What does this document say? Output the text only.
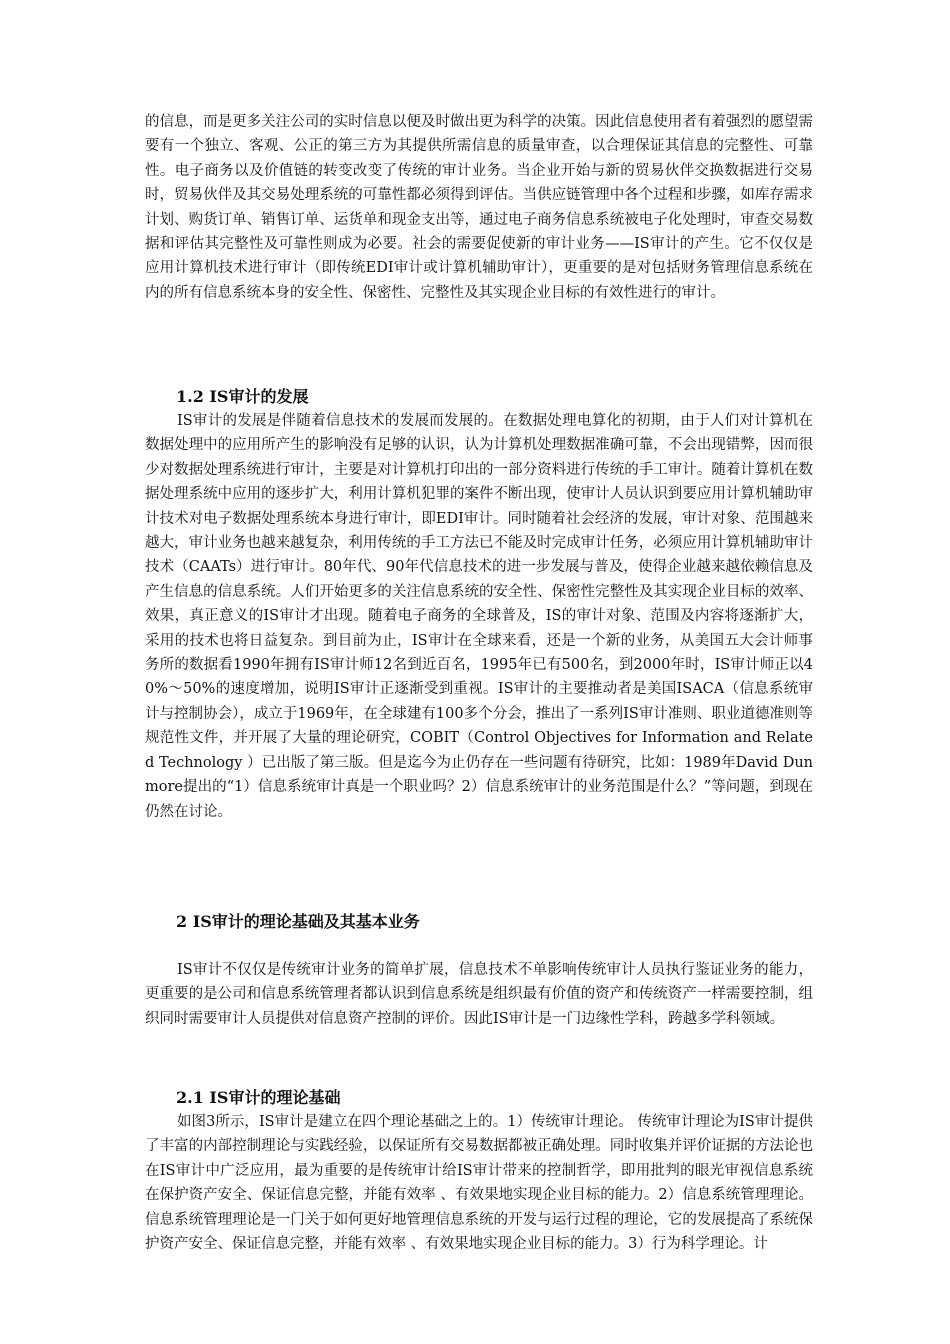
的信息，而是更多关注公司的实时信息以便及时做出更为科学的决策。因此信息使用者有着强烈的愿望需要有一个独立、客观、公正的第三方为其提供所需信息的质量审查，以合理保证其信息的完整性、可靠性。电子商务以及价值链的转变改变了传统的审计业务。当企业开始与新的贸易伙伴交换数据进行交易时，贸易伙伴及其交易处理系统的可靠性都必须得到评估。当供应链管理中各个过程和步骤，如库存需求计划、购货订单、销售订单、运货单和现金支出等，通过电子商务信息系统被电子化处理时，审查交易数据和评估其完整性及可靠性则成为必要。社会的需要促使新的审计业务——IS审计的产生。它不仅仅是应用计算机技术进行审计（即传统EDI审计或计算机辅助审计），更重要的是对包括财务管理信息系统在内的所有信息系统本身的安全性、保密性、完整性及其实现企业目标的有效性进行的审计。

1.2 IS审计的发展

IS审计的发展是伴随着信息技术的发展而发展的。在数据处理电算化的初期，由于人们对计算机在数据处理中的应用所产生的影响没有足够的认识，认为计算机处理数据准确可靠，不会出现错弊，因而很少对数据处理系统进行审计，主要是对计算机打印出的一部分资料进行传统的手工审计。随着计算机在数据处理系统中应用的逐步扩大，利用计算机犯罪的案件不断出现，使审计人员认识到要应用计算机辅助审计技术对电子数据处理系统本身进行审计，即EDI审计。同时随着社会经济的发展，审计对象、范围越来越大，审计业务也越来越复杂，利用传统的手工方法已不能及时完成审计任务，必须应用计算机辅助审计技术（CAATs）进行审计。80年代、90年代信息技术的进一步发展与普及，使得企业越来越依赖信息及产生信息的信息系统。人们开始更多的关注信息系统的安全性、保密性完整性及其实现企业目标的效率、效果，真正意义的IS审计才出现。随着电子商务的全球普及，IS的审计对象、范围及内容将逐渐扩大，采用的技术也将日益复杂。到目前为止，IS审计在全球来看，还是一个新的业务，从美国五大会计师事务所的数据看1990年拥有IS审计师12名到近百名，1995年已有500名，到2000年时，IS审计师正以40%～50%的速度增加，说明IS审计正逐渐受到重视。IS审计的主要推动者是美国ISACA（信息系统审计与控制协会），成立于1969年，在全球建有100多个分会，推出了一系列IS审计准则、职业道德准则等规范性文件，并开展了大量的理论研究，COBIT（Control Objectives for Information and Related Technology ）已出版了第三版。但是迄今为止仍存在一些问题有待研究，比如：1989年David Dunmore提出的“1）信息系统审计真是一个职业吗？2）信息系统审计的业务范围是什么？”等问题，到现在仍然在讨论。

2 IS审计的理论基础及其基本业务

IS审计不仅仅是传统审计业务的简单扩展，信息技术不单影响传统审计人员执行鉴证业务的能力，更重要的是公司和信息系统管理者都认识到信息系统是组织最有价值的资产和传统资产一样需要控制，组织同时需要审计人员提供对信息资产控制的评价。因此IS审计是一门边缘性学科，跨越多学科领域。

2.1 IS审计的理论基础

如图3所示，IS审计是建立在四个理论基础之上的。1）传统审计理论。 传统审计理论为IS审计提供了丰富的内部控制理论与实践经验，以保证所有交易数据都被正确处理。同时收集并评价证据的方法论也在IS审计中广泛应用，最为重要的是传统审计给IS审计带来的控制哲学，即用批判的眼光审视信息系统在保护资产安全、保证信息完整，并能有效率 、有效果地实现企业目标的能力。2）信息系统管理理论。 信息系统管理理论是一门关于如何更好地管理信息系统的开发与运行过程的理论，它的发展提高了系统保护资产安全、保证信息完整，并能有效率 、有效果地实现企业目标的能力。3）行为科学理论。计
